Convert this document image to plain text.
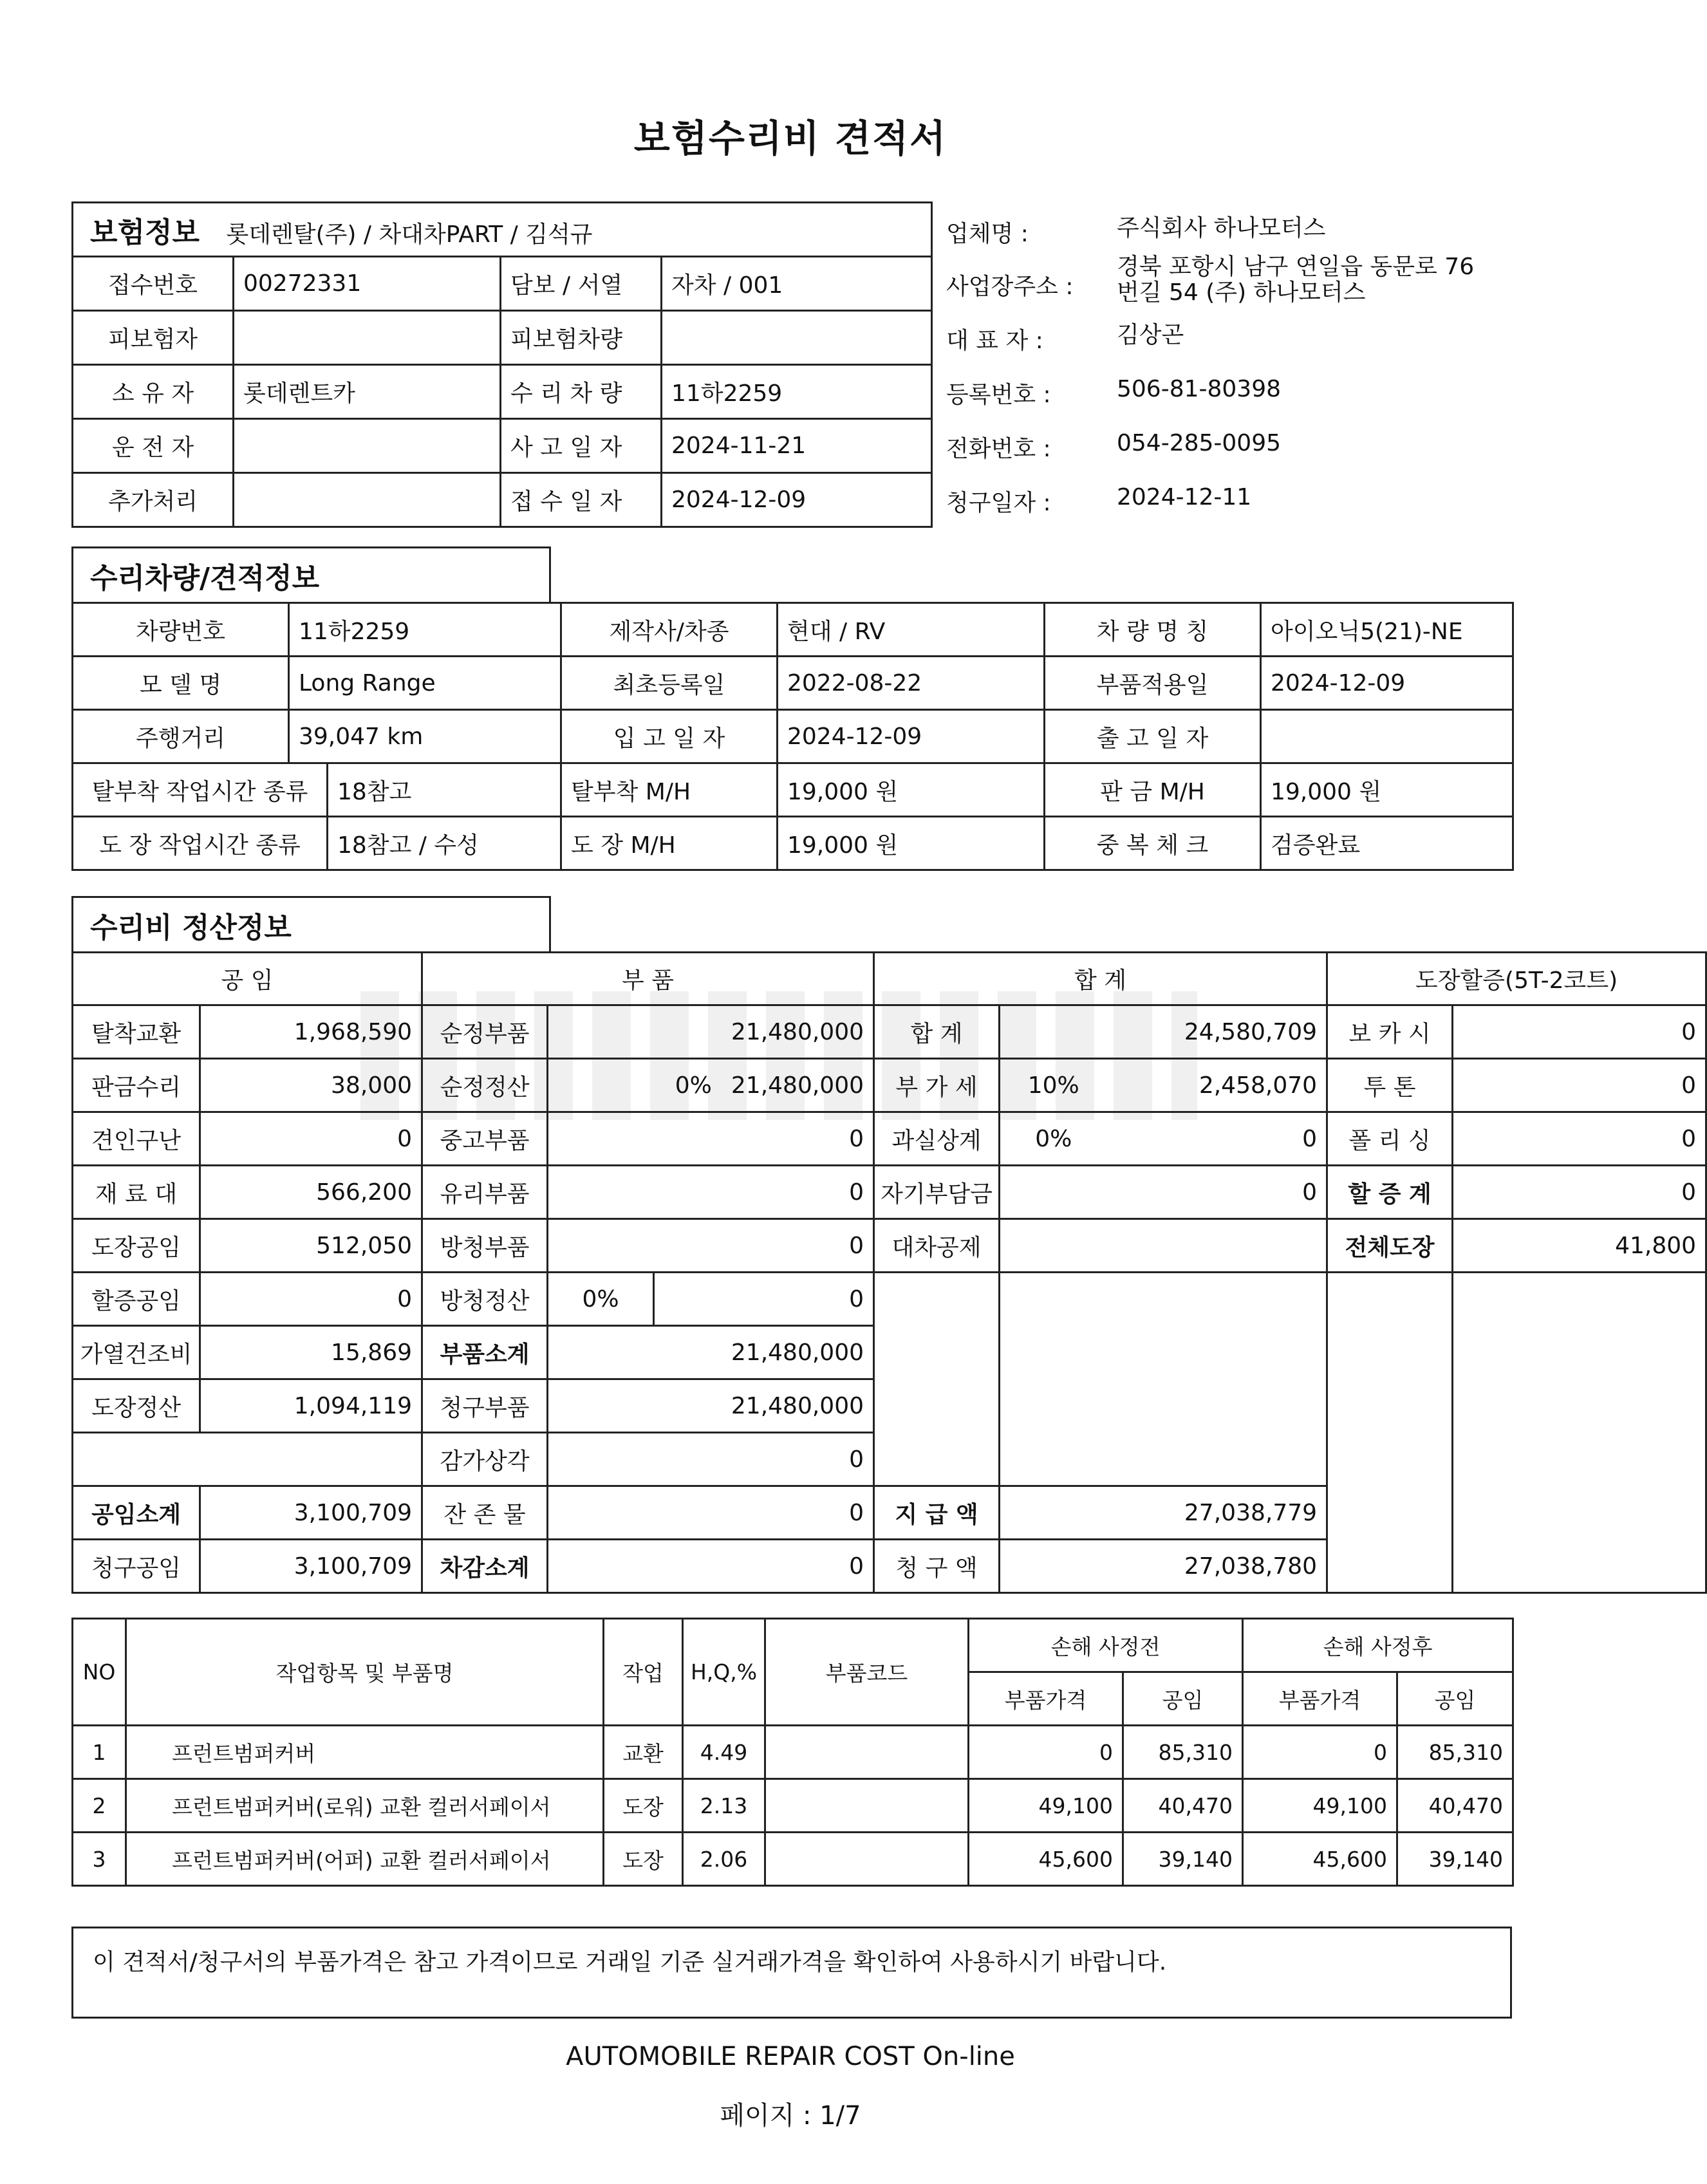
보험수리비 견적서
보험정보 롯데렌탈(주) / 차대차PART / 김석규			
접수번호	00272331	담보 / 서열	자차 / 001
피보험자		피보험차량	
소 유 자	롯데렌트카	수 리 차 량	11하2259
운 전 자		사 고 일 자	2024-11-21
추가처리		접 수 일 자	2024-12-09
업체명 :	주식회사 하나모터스
사업장주소 :
경북 포항시 남구 연일읍 동문로 76 번길 54 (주) 하나모터스
대 표 자 :	김상곤
등록번호 :	506-81-80398
전화번호 :	054-285-0095
청구일자 :	2024-12-11
수리차량/견적정보
차량번호	11하2259	제작사/차종	현대 / RV	차 량 명 칭	아이오닉5(21)-NE
모 델 명	Long Range	최초등록일	2022-08-22	부품적용일	2024-12-09
주행거리	39,047 km	입 고 일 자	2024-12-09	출 고 일 자	
탈부착 작업시간 종류	18참고	탈부착 M/H	19,000 원	판 금 M/H	19,000 원
도 장 작업시간 종류	18참고 / 수성	도 장 M/H	19,000 원	중 복 체 크	검증완료
수리비 정산정보
공 임		부 품			합 계			도장할증(5T-2코트)	
탈착교환	1,968,590	순정부품	21,480,000		합 계	24,580,709		보 카 시	0
판금수리	38,000	순정정산	0% 21,480,000		부 가 세	10%	2,458,070	투 톤	0
견인구난	0	중고부품	0		과실상계	0%	0	폴 리 싱	0
재 료 대	566,200	유리부품	0		자기부담금	0		할 증 계	0
도장공임	512,050	방청부품	0		대차공제			전체도장	41,800
할증공임	0	방청정산	0%	0					
가열건조비	15,869	부품소계	21,480,000						
도장정산	1,094,119	청구부품	21,480,000						
		감가상각	0						
공임소계	3,100,709	잔 존 물	0		지 급 액	27,038,779			
청구공임	3,100,709	차감소계	0		청 구 액	27,038,780			
NO	작업항목 및 부품명	작업	H,Q,%	부품코드	손해 사정전		손해 사정후	
					부품가격	공임	부품가격	공임
1	프런트범퍼커버	교환	4.49		0	85,310	0	85,310
2	프런트범퍼커버(로워) 교환 컬러서페이서	도장	2.13		49,100	40,470	49,100	40,470
3	프런트범퍼커버(어퍼) 교환 컬러서페이서	도장	2.06		45,600	39,140	45,600	39,140
이 견적서/청구서의 부품가격은 참고 가격이므로 거래일 기준 실거래가격을 확인하여 사용하시기 바랍니다.
AUTOMOBILE REPAIR COST On-line
페이지 : 1/7
